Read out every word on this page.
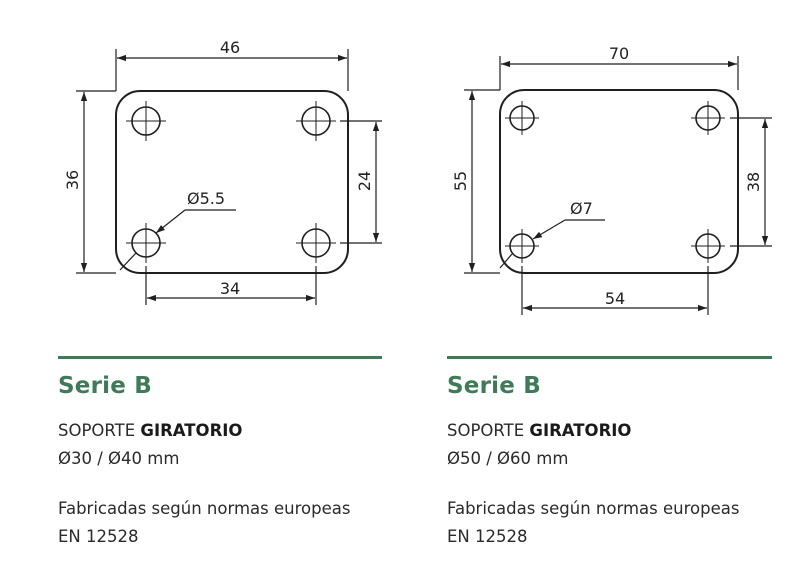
46
36	24
34
Ø5.5
70
55	38
54
Ø7
Serie B
SOPORTE GIRATORIO
Ø30 / Ø40 mm
Fabricadas según normas europeas
EN 12528
Serie B
SOPORTE GIRATORIO
Ø50 / Ø60 mm
Fabricadas según normas europeas
EN 12528
